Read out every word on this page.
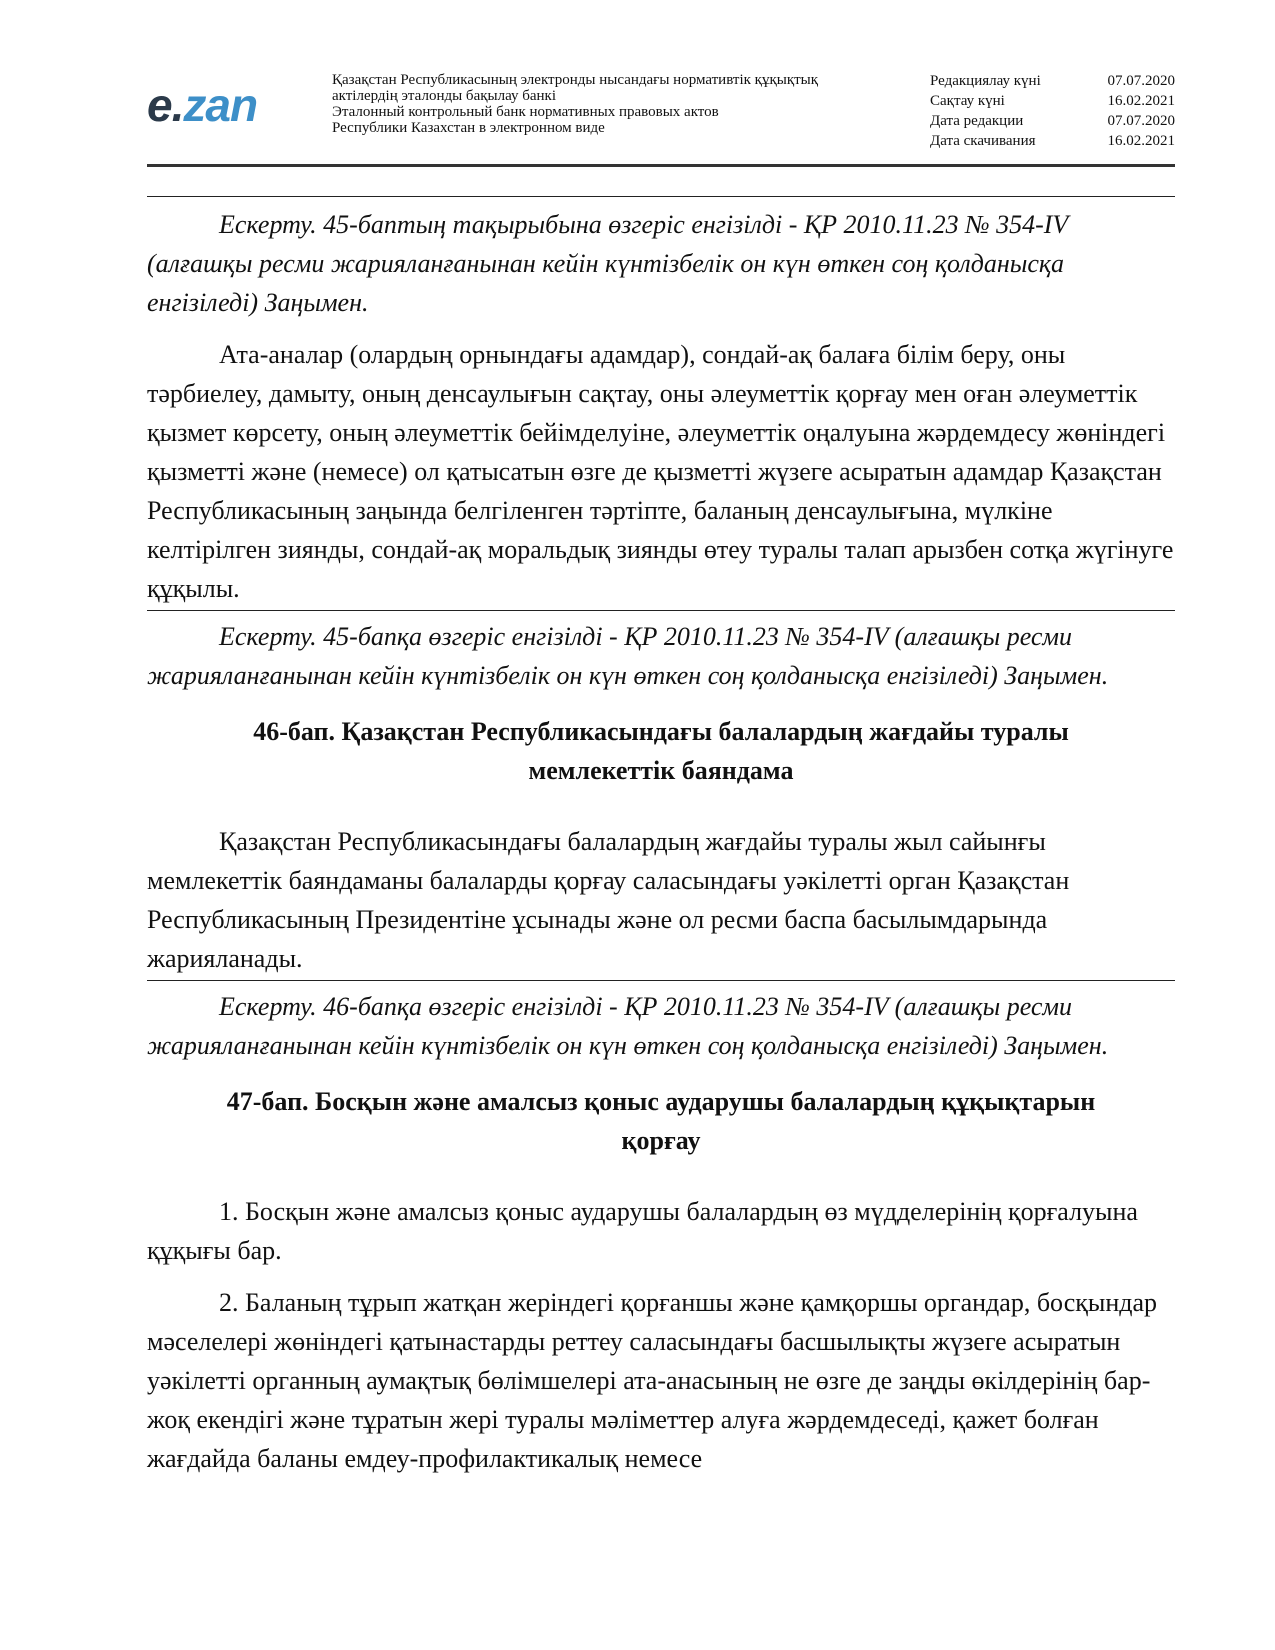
e.zan	Қазақстан Республикасының электронды нысандағы нормативтік құқықтық
актілердің эталонды бақылау банкі
Эталонный контрольный банк нормативных правовых актов
Республики Казахстан в электронном виде
Редакциялау күні	07.07.2020
Сақтау күні	16.02.2021
Дата редакции	07.07.2020
Дата скачивания	16.02.2021

Ескерту. 45-баптың тақырыбына өзгеріс енгізілді - ҚР 2010.11.23 № 354-IV (алғашқы ресми жарияланғанынан кейін күнтізбелік он күн өткен соң қолданысқа енгізіледі) Заңымен.

Ата-аналар (олардың орнындағы адамдар), сондай-ақ балаға білім беру, оны тәрбиелеу, дамыту, оның денсаулығын сақтау, оны әлеуметтік қорғау мен оған әлеуметтік қызмет көрсету, оның әлеуметтік бейімделуіне, әлеуметтік оңалуына жәрдемдесу жөніндегі қызметті және (немесе) ол қатысатын өзге де қызметті жүзеге асыратын адамдар Қазақстан Республикасының заңында белгіленген тәртіпте, баланың денсаулығына, мүлкіне келтірілген зиянды, сондай-ақ моральдық зиянды өтеу туралы талап арызбен сотқа жүгінуге құқылы.

Ескерту. 45-бапқа өзгеріс енгізілді - ҚР 2010.11.23 № 354-IV (алғашқы ресми жарияланғанынан кейін күнтізбелік он күн өткен соң қолданысқа енгізіледі) Заңымен.

46-бап. Қазақстан Республикасындағы балалардың жағдайы туралы мемлекеттік баяндама

Қазақстан Республикасындағы балалардың жағдайы туралы жыл сайынғы мемлекеттік баяндаманы балаларды қорғау саласындағы уәкілетті орган Қазақстан Республикасының Президентіне ұсынады және ол ресми баспа басылымдарында жарияланады.

Ескерту. 46-бапқа өзгеріс енгізілді - ҚР 2010.11.23 № 354-IV (алғашқы ресми жарияланғанынан кейін күнтізбелік он күн өткен соң қолданысқа енгізіледі) Заңымен.

47-бап. Босқын және амалсыз қоныс аударушы балалардың құқықтарын қорғау

1. Босқын және амалсыз қоныс аударушы балалардың өз мүдделерінің қорғалуына құқығы бар.

2. Баланың тұрып жатқан жеріндегі қорғаншы және қамқоршы органдар, босқындар мәселелері жөніндегі қатынастарды реттеу саласындағы басшылықты жүзеге асыратын уәкілетті органның аумақтық бөлімшелері ата-анасының не өзге де заңды өкілдерінің бар-жоқ екендігі және тұратын жері туралы мәліметтер алуға жәрдемдеседі, қажет болған жағдайда баланы емдеу-профилактикалық немесе
